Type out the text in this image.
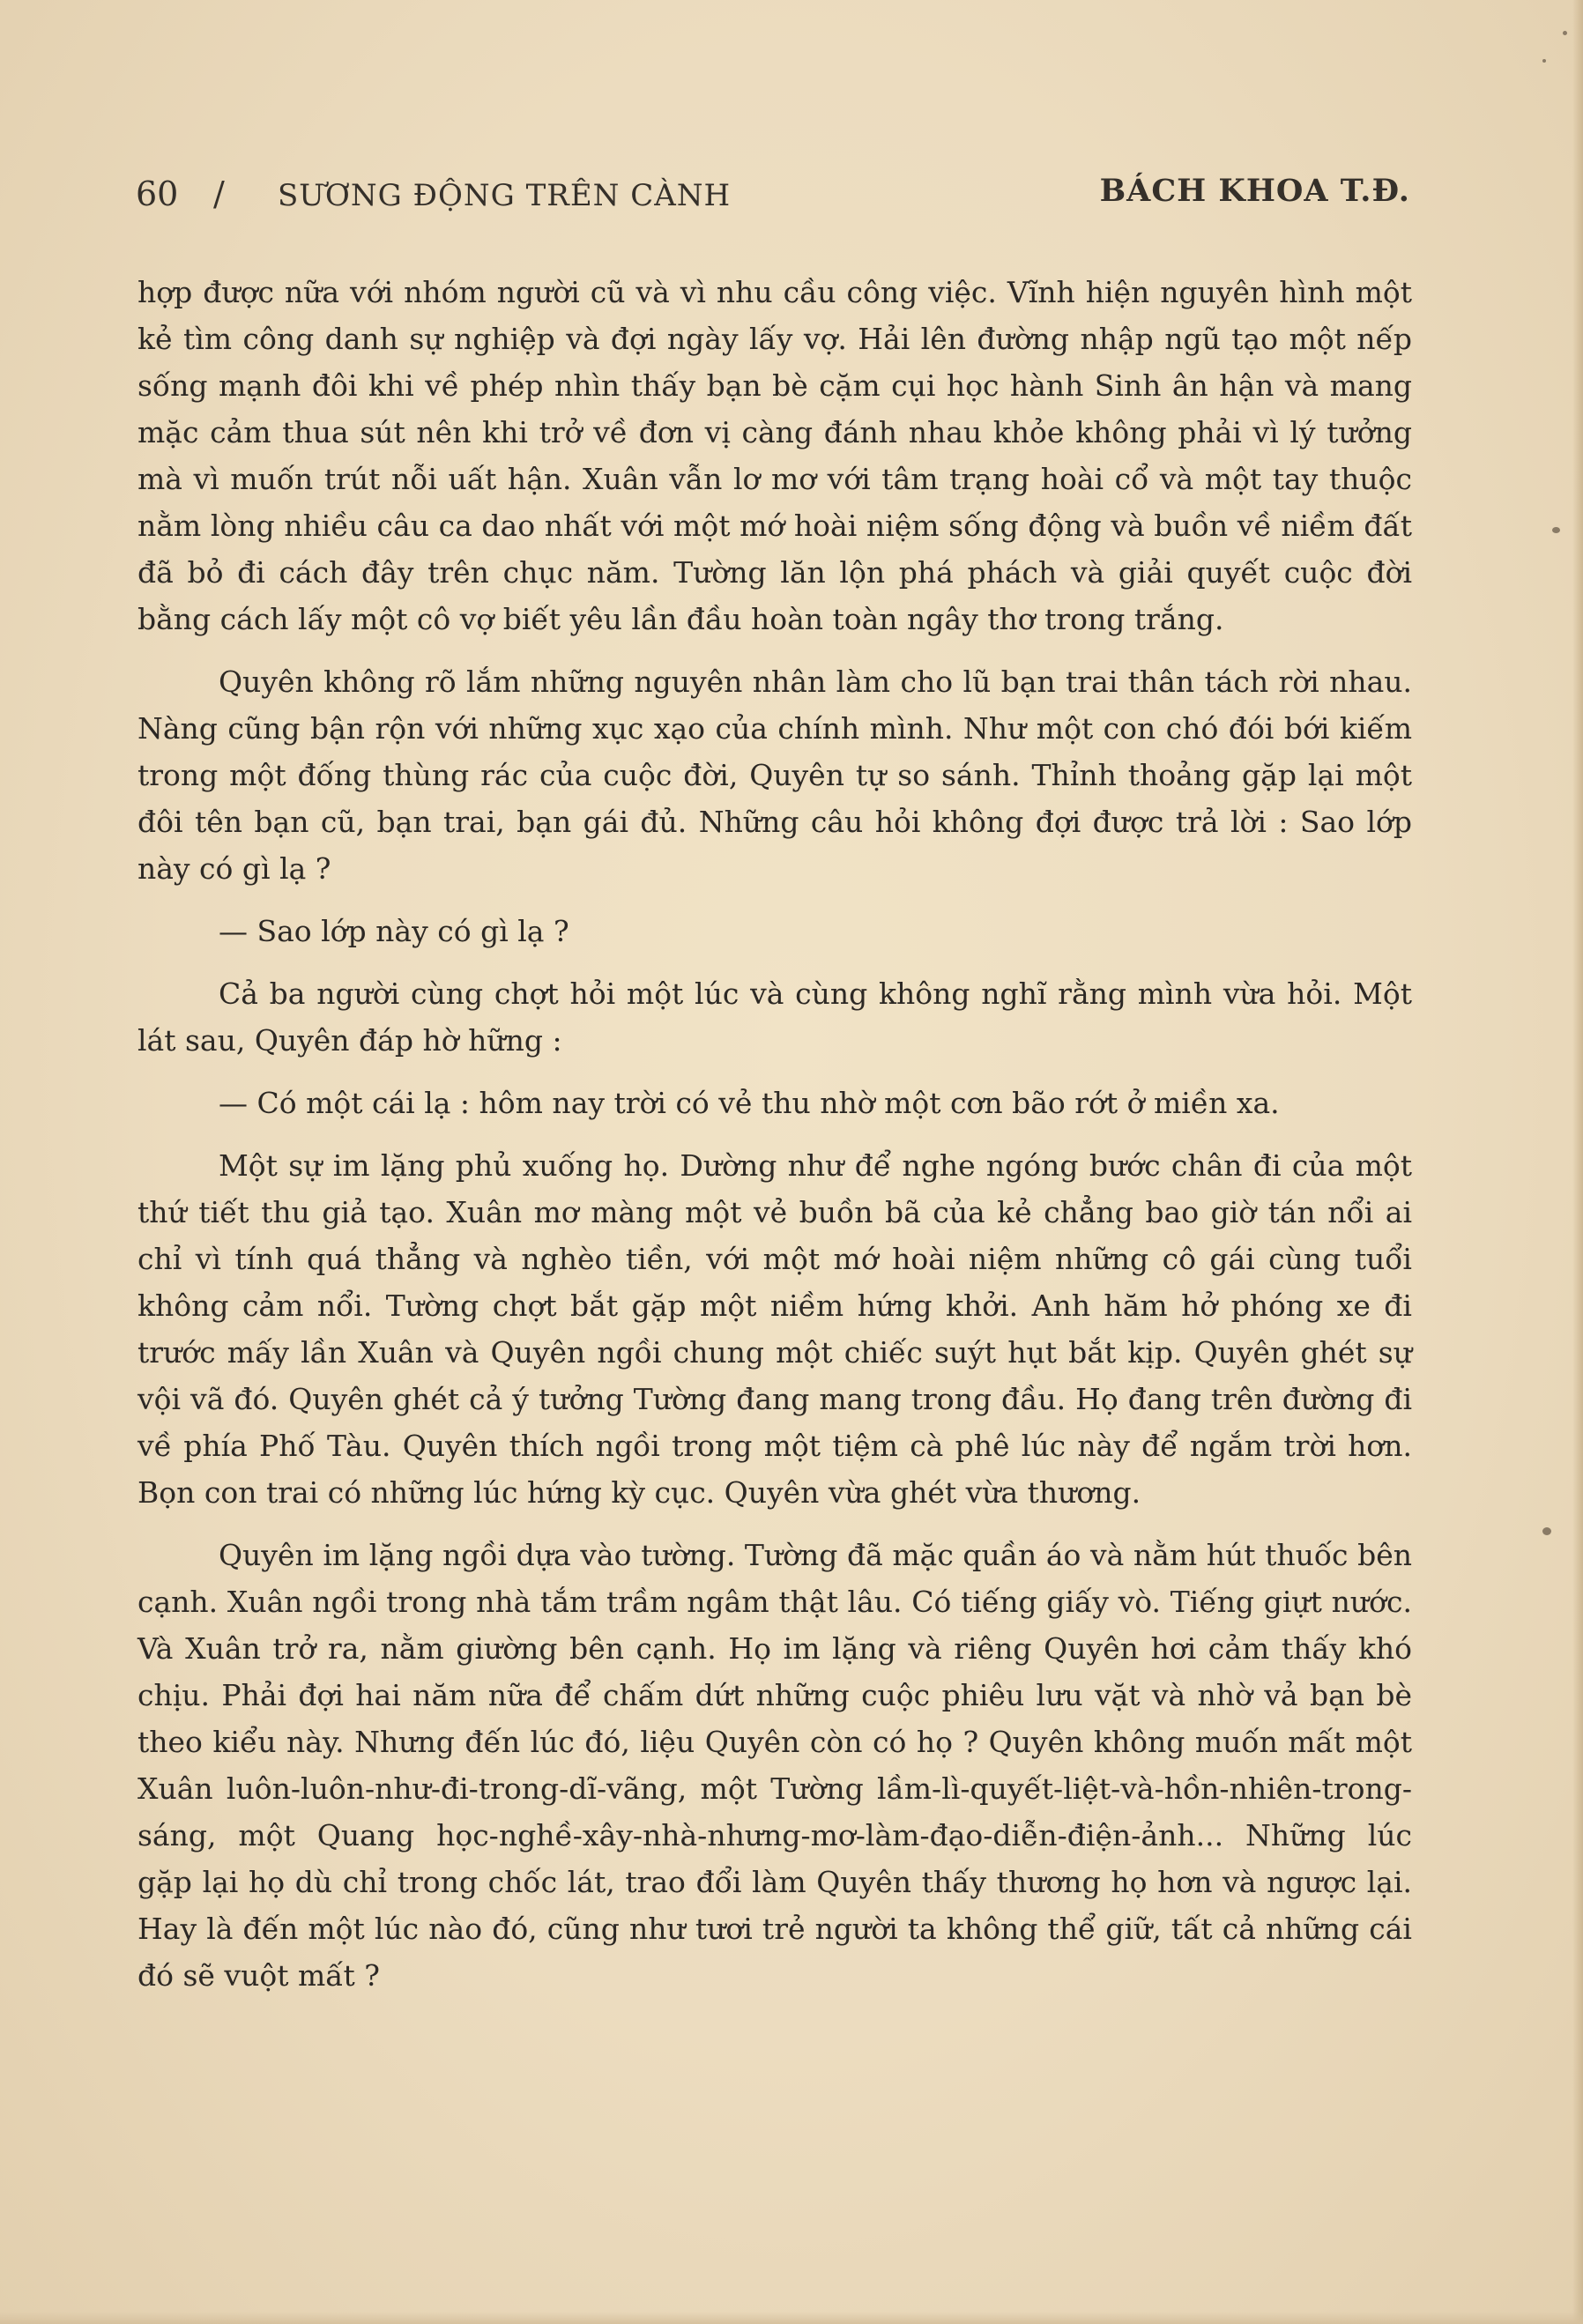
60 / SƯƠNG ĐỘNG TRÊN CÀNH	BÁCH KHOA T.Đ.

hợp được nữa với nhóm người cũ và vì nhu cầu công việc. Vĩnh hiện nguyên hình một kẻ tìm công danh sự nghiệp và đợi ngày lấy vợ. Hải lên đường nhập ngũ tạo một nếp sống mạnh đôi khi về phép nhìn thấy bạn bè cặm cụi học hành Sinh ân hận và mang mặc cảm thua sút nên khi trở về đơn vị càng đánh nhau khỏe không phải vì lý tưởng mà vì muốn trút nỗi uất hận. Xuân vẫn lơ mơ với tâm trạng hoài cổ và một tay thuộc nằm lòng nhiều câu ca dao nhất với một mớ hoài niệm sống động và buồn về niềm đất đã bỏ đi cách đây trên chục năm. Tường lăn lộn phá phách và giải quyết cuộc đời bằng cách lấy một cô vợ biết yêu lần đầu hoàn toàn ngây thơ trong trắng.

Quyên không rõ lắm những nguyên nhân làm cho lũ bạn trai thân tách rời nhau. Nàng cũng bận rộn với những xục xạo của chính mình. Như một con chó đói bới kiếm trong một đống thùng rác của cuộc đời, Quyên tự so sánh. Thỉnh thoảng gặp lại một đôi tên bạn cũ, bạn trai, bạn gái đủ. Những câu hỏi không đợi được trả lời : Sao lớp này có gì lạ ?

— Sao lớp này có gì lạ ?

Cả ba người cùng chợt hỏi một lúc và cùng không nghĩ rằng mình vừa hỏi. Một lát sau, Quyên đáp hờ hững :

— Có một cái lạ : hôm nay trời có vẻ thu nhờ một cơn bão rớt ở miền xa.

Một sự im lặng phủ xuống họ. Dường như để nghe ngóng bước chân đi của một thứ tiết thu giả tạo. Xuân mơ màng một vẻ buồn bã của kẻ chẳng bao giờ tán nổi ai chỉ vì tính quá thẳng và nghèo tiền, với một mớ hoài niệm những cô gái cùng tuổi không cảm nổi. Tường chợt bắt gặp một niềm hứng khởi. Anh hăm hở phóng xe đi trước mấy lần Xuân và Quyên ngồi chung một chiếc suýt hụt bắt kịp. Quyên ghét sự vội vã đó. Quyên ghét cả ý tưởng Tường đang mang trong đầu. Họ đang trên đường đi về phía Phố Tàu. Quyên thích ngồi trong một tiệm cà phê lúc này để ngắm trời hơn. Bọn con trai có những lúc hứng kỳ cục. Quyên vừa ghét vừa thương.

Quyên im lặng ngồi dựa vào tường. Tường đã mặc quần áo và nằm hút thuốc bên cạnh. Xuân ngồi trong nhà tắm trầm ngâm thật lâu. Có tiếng giấy vò. Tiếng giựt nước. Và Xuân trở ra, nằm giường bên cạnh. Họ im lặng và riêng Quyên hơi cảm thấy khó chịu. Phải đợi hai năm nữa để chấm dứt những cuộc phiêu lưu vặt và nhờ vả bạn bè theo kiểu này. Nhưng đến lúc đó, liệu Quyên còn có họ ? Quyên không muốn mất một Xuân luôn-luôn-như-đi-trong-dĩ-vãng, một Tường lầm-lì-quyết-liệt-và-hồn-nhiên-trong-sáng, một Quang học-nghề-xây-nhà-nhưng-mơ-làm-đạo-diễn-điện-ảnh... Những lúc gặp lại họ dù chỉ trong chốc lát, trao đổi làm Quyên thấy thương họ hơn và ngược lại. Hay là đến một lúc nào đó, cũng như tươi trẻ người ta không thể giữ, tất cả những cái đó sẽ vuột mất ?
